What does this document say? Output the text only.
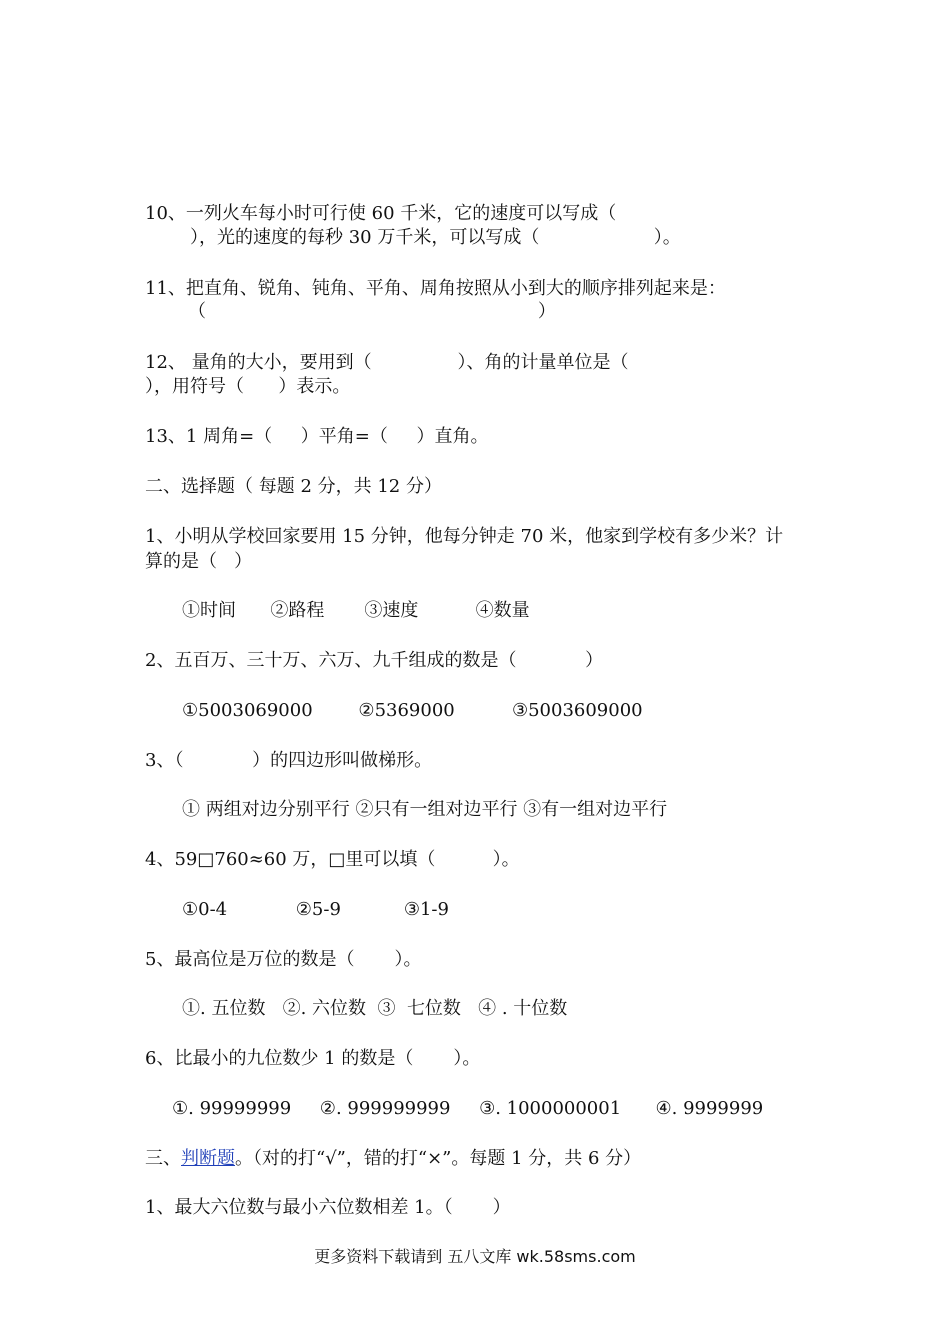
10、一列火车每小时可行使 60 千米，它的速度可以写成（
），光的速度的每秒 30 万千米，可以写成（                    ）。
11、把直角、锐角、钝角、平角、周角按照从小到大的顺序排列起来是：
（                                                          ）
12、 量角的大小，要用到（               ）、角的计量单位是（
），用符号（      ）表示。
13、1 周角=（     ）平角=（     ）直角。
二、选择题（ 每题 2 分，共 12 分）
1、小明从学校回家要用 15 分钟，他每分钟走 70 米，他家到学校有多少米？计
算的是（   ）
①时间      ②路程       ③速度          ④数量
2、五百万、三十万、六万、九千组成的数是（            ）
①5003069000        ②5369000          ③5003609000
3、（            ）的四边形叫做梯形。
① 两组对边分别平行 ②只有一组对边平行 ③有一组对边平行
4、59□760≈60 万，□里可以填（          ）。
①0-4            ②5-9           ③1-9
5、最高位是万位的数是（       ）。
①. 五位数   ②. 六位数  ③  七位数   ④ . 十位数
6、比最小的九位数少 1 的数是（       ）。
①. 99999999     ②. 999999999     ③. 1000000001      ④. 9999999
三、判断题。（对的打“√”，错的打“×”。每题 1 分，共 6 分）
1、最大六位数与最小六位数相差 1。（       ）
更多资料下载请到 五八文库 wk.58sms.com
